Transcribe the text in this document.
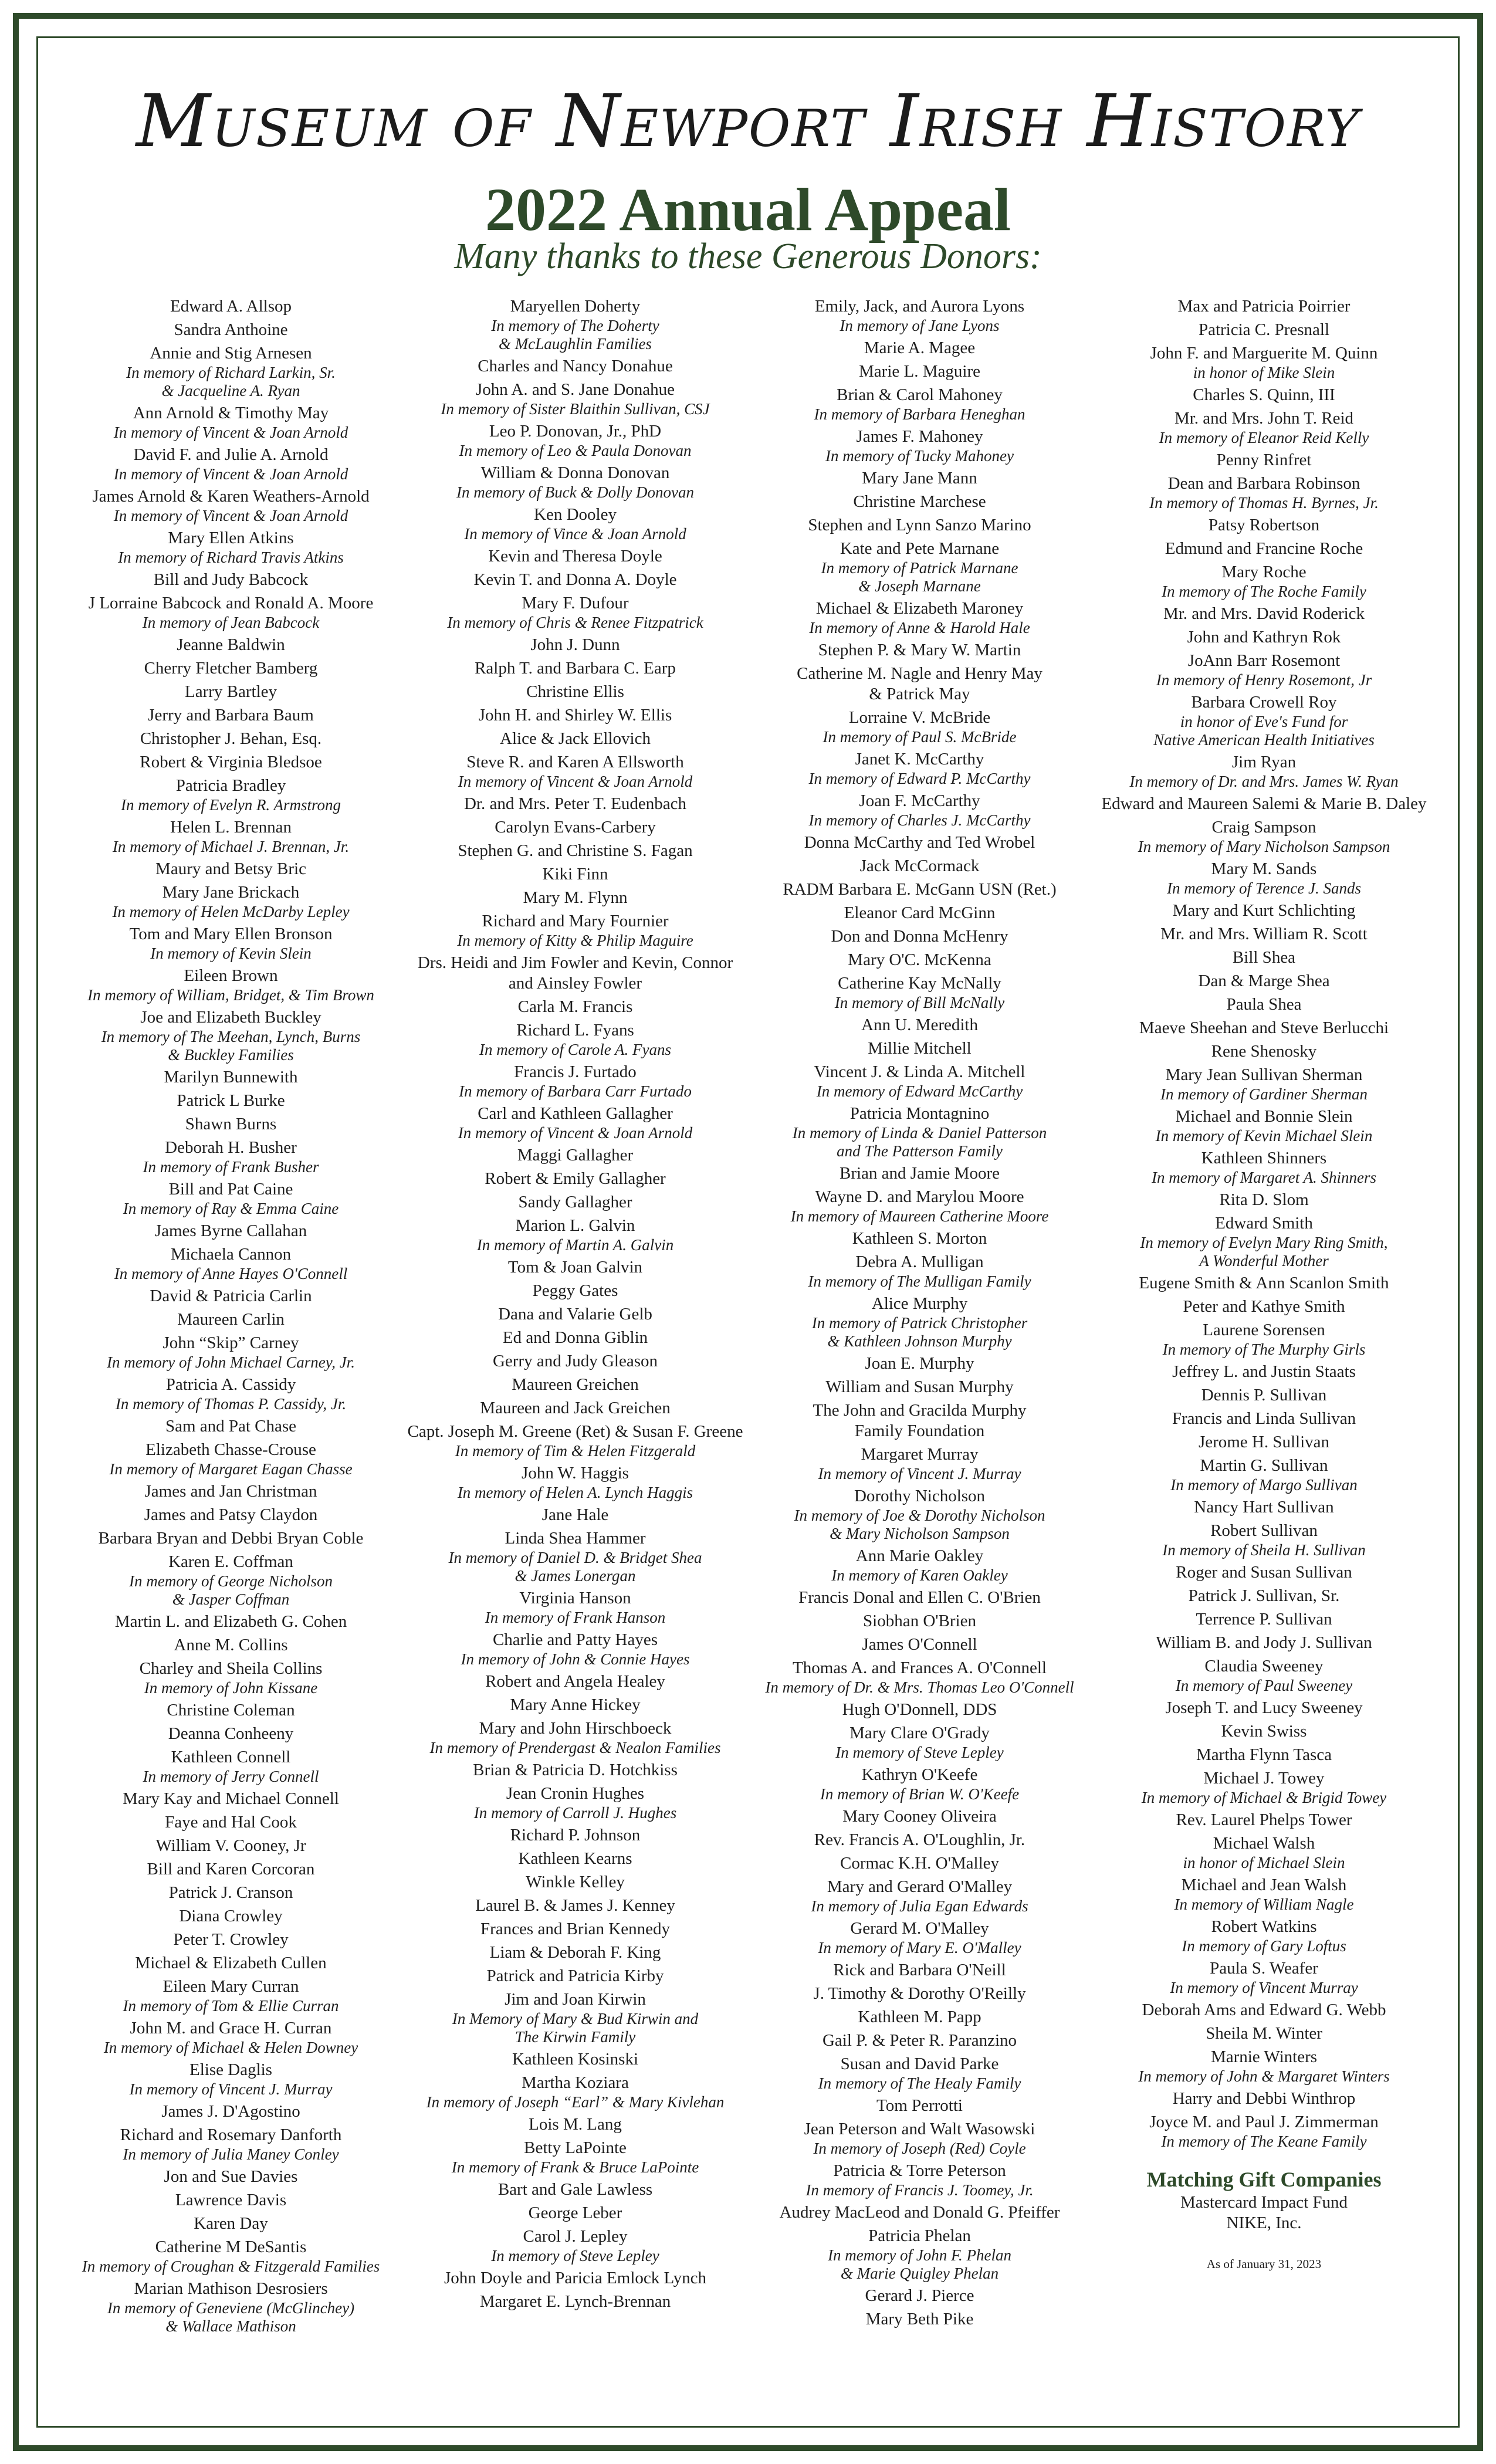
Museum of Newport Irish History
2022 Annual Appeal
Many thanks to these Generous Donors:
Edward A. Allsop
Sandra Anthoine
Annie and Stig Arnesen
In memory of Richard Larkin, Sr.
& Jacqueline A. Ryan
Ann Arnold & Timothy May
In memory of Vincent & Joan Arnold
David F. and Julie A. Arnold
In memory of Vincent & Joan Arnold
James Arnold & Karen Weathers-Arnold
In memory of Vincent & Joan Arnold
Mary Ellen Atkins
In memory of Richard Travis Atkins
Bill and Judy Babcock
J Lorraine Babcock and Ronald A. Moore
In memory of Jean Babcock
Jeanne Baldwin
Cherry Fletcher Bamberg
Larry Bartley
Jerry and Barbara Baum
Christopher J. Behan, Esq.
Robert & Virginia Bledsoe
Patricia Bradley
In memory of Evelyn R. Armstrong
Helen L. Brennan
In memory of Michael J. Brennan, Jr.
Maury and Betsy Bric
Mary Jane Brickach
In memory of Helen McDarby Lepley
Tom and Mary Ellen Bronson
In memory of Kevin Slein
Eileen Brown
In memory of William, Bridget, & Tim Brown
Joe and Elizabeth Buckley
In memory of The Meehan, Lynch, Burns
& Buckley Families
Marilyn Bunnewith
Patrick L Burke
Shawn Burns
Deborah H. Busher
In memory of Frank Busher
Bill and Pat Caine
In memory of Ray & Emma Caine
James Byrne Callahan
Michaela Cannon
In memory of Anne Hayes O'Connell
David & Patricia Carlin
Maureen Carlin
John “Skip” Carney
In memory of John Michael Carney, Jr.
Patricia A. Cassidy
In memory of Thomas P. Cassidy, Jr.
Sam and Pat Chase
Elizabeth Chasse-Crouse
In memory of Margaret Eagan Chasse
James and Jan Christman
James and Patsy Claydon
Barbara Bryan and Debbi Bryan Coble
Karen E. Coffman
In memory of George Nicholson
& Jasper Coffman
Martin L. and Elizabeth G. Cohen
Anne M. Collins
Charley and Sheila Collins
In memory of John Kissane
Christine Coleman
Deanna Conheeny
Kathleen Connell
In memory of Jerry Connell
Mary Kay and Michael Connell
Faye and Hal Cook
William V. Cooney, Jr
Bill and Karen Corcoran
Patrick J. Cranson
Diana Crowley
Peter T. Crowley
Michael & Elizabeth Cullen
Eileen Mary Curran
In memory of Tom & Ellie Curran
John M. and Grace H. Curran
In memory of Michael & Helen Downey
Elise Daglis
In memory of Vincent J. Murray
James J. D'Agostino
Richard and Rosemary Danforth
In memory of Julia Maney Conley
Jon and Sue Davies
Lawrence Davis
Karen Day
Catherine M DeSantis
In memory of Croughan & Fitzgerald Families
Marian Mathison Desrosiers
In memory of Geneviene (McGlinchey)
& Wallace Mathison
Maryellen Doherty
In memory of The Doherty
& McLaughlin Families
Charles and Nancy Donahue
John A. and S. Jane Donahue
In memory of Sister Blaithin Sullivan, CSJ
Leo P. Donovan, Jr., PhD
In memory of Leo & Paula Donovan
William & Donna Donovan
In memory of Buck & Dolly Donovan
Ken Dooley
In memory of Vince & Joan Arnold
Kevin and Theresa Doyle
Kevin T. and Donna A. Doyle
Mary F. Dufour
In memory of Chris & Renee Fitzpatrick
John J. Dunn
Ralph T. and Barbara C. Earp
Christine Ellis
John H. and Shirley W. Ellis
Alice & Jack Ellovich
Steve R. and Karen A Ellsworth
In memory of Vincent & Joan Arnold
Dr. and Mrs. Peter T. Eudenbach
Carolyn Evans-Carbery
Stephen G. and Christine S. Fagan
Kiki Finn
Mary M. Flynn
Richard and Mary Fournier
In memory of Kitty & Philip Maguire
Drs. Heidi and Jim Fowler and Kevin, Connor
and Ainsley Fowler
Carla M. Francis
Richard L. Fyans
In memory of Carole A. Fyans
Francis J. Furtado
In memory of Barbara Carr Furtado
Carl and Kathleen Gallagher
In memory of Vincent & Joan Arnold
Maggi Gallagher
Robert & Emily Gallagher
Sandy Gallagher
Marion L. Galvin
In memory of Martin A. Galvin
Tom & Joan Galvin
Peggy Gates
Dana and Valarie Gelb
Ed and Donna Giblin
Gerry and Judy Gleason
Maureen Greichen
Maureen and Jack Greichen
Capt. Joseph M. Greene (Ret) & Susan F. Greene
In memory of Tim & Helen Fitzgerald
John W. Haggis
In memory of Helen A. Lynch Haggis
Jane Hale
Linda Shea Hammer
In memory of Daniel D. & Bridget Shea
& James Lonergan
Virginia Hanson
In memory of Frank Hanson
Charlie and Patty Hayes
In memory of John & Connie Hayes
Robert and Angela Healey
Mary Anne Hickey
Mary and John Hirschboeck
In memory of Prendergast & Nealon Families
Brian & Patricia D. Hotchkiss
Jean Cronin Hughes
In memory of Carroll J. Hughes
Richard P. Johnson
Kathleen Kearns
Winkle Kelley
Laurel B. & James J. Kenney
Frances and Brian Kennedy
Liam & Deborah F. King
Patrick and Patricia Kirby
Jim and Joan Kirwin
In Memory of Mary & Bud Kirwin and
The Kirwin Family
Kathleen Kosinski
Martha Koziara
In memory of Joseph “Earl” & Mary Kivlehan
Lois M. Lang
Betty LaPointe
In memory of Frank & Bruce LaPointe
Bart and Gale Lawless
George Leber
Carol J. Lepley
In memory of Steve Lepley
John Doyle and Paricia Emlock Lynch
Margaret E. Lynch-Brennan
Emily, Jack, and Aurora Lyons
In memory of Jane Lyons
Marie A. Magee
Marie L. Maguire
Brian & Carol Mahoney
In memory of Barbara Heneghan
James F. Mahoney
In memory of Tucky Mahoney
Mary Jane Mann
Christine Marchese
Stephen and Lynn Sanzo Marino
Kate and Pete Marnane
In memory of Patrick Marnane
& Joseph Marnane
Michael & Elizabeth Maroney
In memory of Anne & Harold Hale
Stephen P. & Mary W. Martin
Catherine M. Nagle and Henry May
& Patrick May
Lorraine V. McBride
In memory of Paul S. McBride
Janet K. McCarthy
In memory of Edward P. McCarthy
Joan F. McCarthy
In memory of Charles J. McCarthy
Donna McCarthy and Ted Wrobel
Jack McCormack
RADM Barbara E. McGann USN (Ret.)
Eleanor Card McGinn
Don and Donna McHenry
Mary O'C. McKenna
Catherine Kay McNally
In memory of Bill McNally
Ann U. Meredith
Millie Mitchell
Vincent J. & Linda A. Mitchell
In memory of Edward McCarthy
Patricia Montagnino
In memory of Linda & Daniel Patterson
and The Patterson Family
Brian and Jamie Moore
Wayne D. and Marylou Moore
In memory of Maureen Catherine Moore
Kathleen S. Morton
Debra A. Mulligan
In memory of The Mulligan Family
Alice Murphy
In memory of Patrick Christopher
& Kathleen Johnson Murphy
Joan E. Murphy
William and Susan Murphy
The John and Gracilda Murphy
Family Foundation
Margaret Murray
In memory of Vincent J. Murray
Dorothy Nicholson
In memory of Joe & Dorothy Nicholson
& Mary Nicholson Sampson
Ann Marie Oakley
In memory of Karen Oakley
Francis Donal and Ellen C. O'Brien
Siobhan O'Brien
James O'Connell
Thomas A. and Frances A. O'Connell
In memory of Dr. & Mrs. Thomas Leo O'Connell
Hugh O'Donnell, DDS
Mary Clare O'Grady
In memory of Steve Lepley
Kathryn O'Keefe
In memory of Brian W. O'Keefe
Mary Cooney Oliveira
Rev. Francis A. O'Loughlin, Jr.
Cormac K.H. O'Malley
Mary and Gerard O'Malley
In memory of Julia Egan Edwards
Gerard M. O'Malley
In memory of Mary E. O'Malley
Rick and Barbara O'Neill
J. Timothy & Dorothy O'Reilly
Kathleen M. Papp
Gail P. & Peter R. Paranzino
Susan and David Parke
In memory of The Healy Family
Tom Perrotti
Jean Peterson and Walt Wasowski
In memory of Joseph (Red) Coyle
Patricia & Torre Peterson
In memory of Francis J. Toomey, Jr.
Audrey MacLeod and Donald G. Pfeiffer
Patricia Phelan
In memory of John F. Phelan
& Marie Quigley Phelan
Gerard J. Pierce
Mary Beth Pike
Max and Patricia Poirrier
Patricia C. Presnall
John F. and Marguerite M. Quinn
in honor of Mike Slein
Charles S. Quinn, III
Mr. and Mrs. John T. Reid
In memory of Eleanor Reid Kelly
Penny Rinfret
Dean and Barbara Robinson
In memory of Thomas H. Byrnes, Jr.
Patsy Robertson
Edmund and Francine Roche
Mary Roche
In memory of The Roche Family
Mr. and Mrs. David Roderick
John and Kathryn Rok
JoAnn Barr Rosemont
In memory of Henry Rosemont, Jr
Barbara Crowell Roy
in honor of Eve's Fund for
Native American Health Initiatives
Jim Ryan
In memory of Dr. and Mrs. James W. Ryan
Edward and Maureen Salemi & Marie B. Daley
Craig Sampson
In memory of Mary Nicholson Sampson
Mary M. Sands
In memory of Terence J. Sands
Mary and Kurt Schlichting
Mr. and Mrs. William R. Scott
Bill Shea
Dan & Marge Shea
Paula Shea
Maeve Sheehan and Steve Berlucchi
Rene Shenosky
Mary Jean Sullivan Sherman
In memory of Gardiner Sherman
Michael and Bonnie Slein
In memory of Kevin Michael Slein
Kathleen Shinners
In memory of Margaret A. Shinners
Rita D. Slom
Edward Smith
In memory of Evelyn Mary Ring Smith,
A Wonderful Mother
Eugene Smith & Ann Scanlon Smith
Peter and Kathye Smith
Laurene Sorensen
In memory of The Murphy Girls
Jeffrey L. and Justin Staats
Dennis P. Sullivan
Francis and Linda Sullivan
Jerome H. Sullivan
Martin G. Sullivan
In memory of Margo Sullivan
Nancy Hart Sullivan
Robert Sullivan
In memory of Sheila H. Sullivan
Roger and Susan Sullivan
Patrick J. Sullivan, Sr.
Terrence P. Sullivan
William B. and Jody J. Sullivan
Claudia Sweeney
In memory of Paul Sweeney
Joseph T. and Lucy Sweeney
Kevin Swiss
Martha Flynn Tasca
Michael J. Towey
In memory of Michael & Brigid Towey
Rev. Laurel Phelps Tower
Michael Walsh
in honor of Michael Slein
Michael and Jean Walsh
In memory of William Nagle
Robert Watkins
In memory of Gary Loftus
Paula S. Weafer
In memory of Vincent Murray
Deborah Ams and Edward G. Webb
Sheila M. Winter
Marnie Winters
In memory of John & Margaret Winters
Harry and Debbi Winthrop
Joyce M. and Paul J. Zimmerman
In memory of The Keane Family
Matching Gift Companies
Mastercard Impact Fund
NIKE, Inc.
As of January 31, 2023
